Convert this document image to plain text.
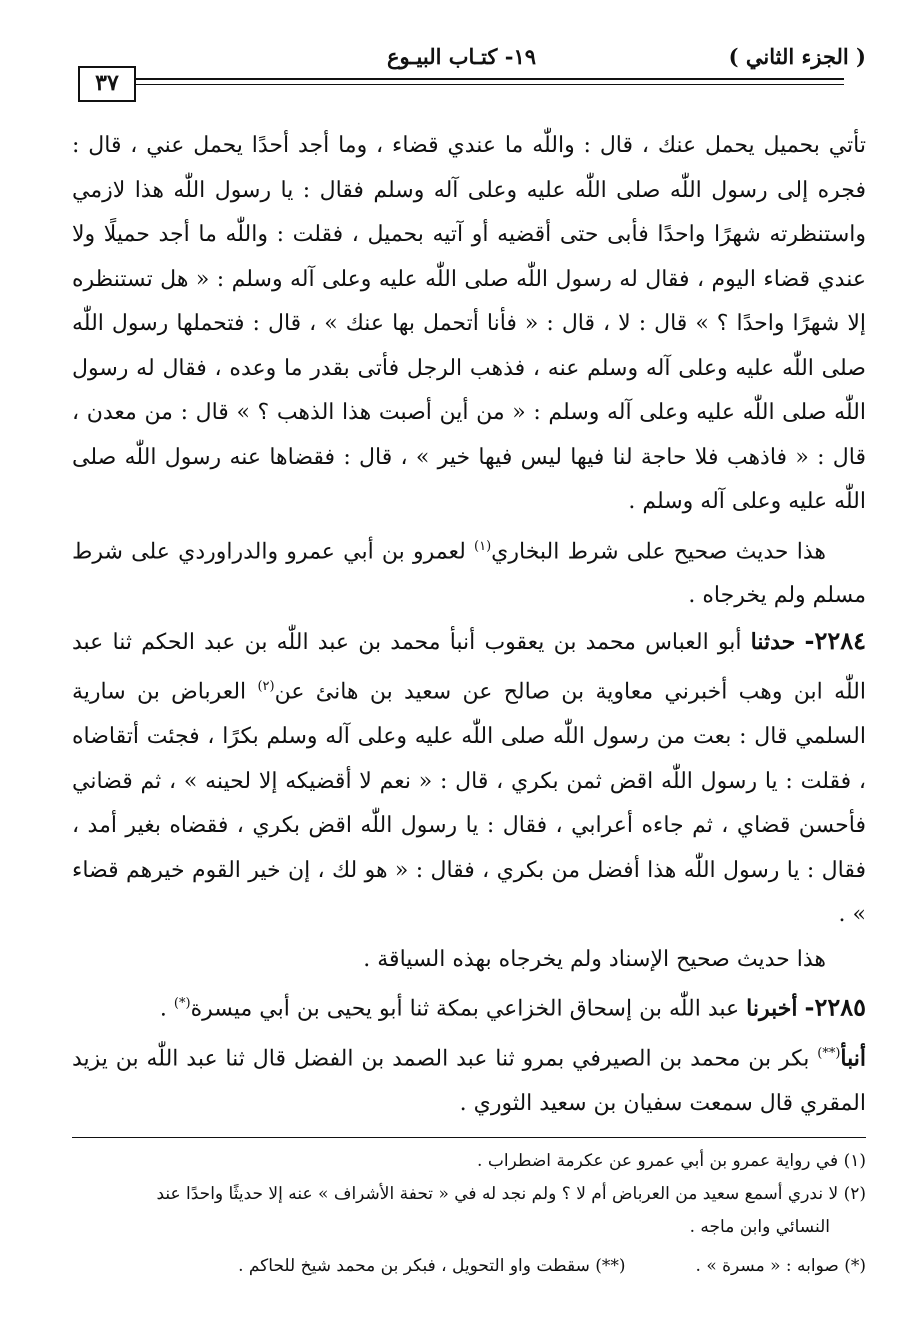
( الجزء الثاني )
١٩- كتـاب البيـوع
٣٧

تأتي بحميل يحمل عنك ، قال : واللّٰه ما عندي قضاء ، وما أجد أحدًا يحمل عني ، قال : فجره إلى رسول اللّٰه صلى اللّٰه عليه وعلى آله وسلم فقال : يا رسول اللّٰه هذا لازمي واستنظرته شهرًا واحدًا فأبى حتى أقضيه أو آتيه بحميل ، فقلت : واللّٰه ما أجد حميلًا ولا عندي قضاء اليوم ، فقال له رسول اللّٰه صلى اللّٰه عليه وعلى آله وسلم : « هل تستنظره إلا شهرًا واحدًا ؟ » قال : لا ، قال : « فأنا أتحمل بها عنك » ، قال : فتحملها رسول اللّٰه صلى اللّٰه عليه وعلى آله وسلم عنه ، فذهب الرجل فأتى بقدر ما وعده ، فقال له رسول اللّٰه صلى اللّٰه عليه وعلى آله وسلم : « من أين أصبت هذا الذهب ؟ » قال : من معدن ، قال : « فاذهب فلا حاجة لنا فيها ليس فيها خير » ، قال : فقضاها عنه رسول اللّٰه صلى اللّٰه عليه وعلى آله وسلم .

هذا حديث صحيح على شرط البخاري$^{(١)}$ لعمرو بن أبي عمرو والدراوردي على شرط مسلم ولم يخرجاه .

٢٢٨٤- حدثنا أبو العباس محمد بن يعقوب أنبأ محمد بن عبد اللّٰه بن عبد الحكم ثنا عبد اللّٰه ابن وهب أخبرني معاوية بن صالح عن سعيد بن هانئ عن$^{(٢)}$ العرباض بن سارية السلمي قال : بعت من رسول اللّٰه صلى اللّٰه عليه وعلى آله وسلم بكرًا ، فجئت أتقاضاه ، فقلت : يا رسول اللّٰه اقض ثمن بكري ، قال : « نعم لا أقضيكه إلا لحينه » ، ثم قضاني فأحسن قضاي ، ثم جاءه أعرابي ، فقال : يا رسول اللّٰه اقض بكري ، فقضاه بغير أمد ، فقال : يا رسول اللّٰه هذا أفضل من بكري ، فقال : « هو لك ، إن خير القوم خيرهم قضاء » .

هذا حديث صحيح الإسناد ولم يخرجاه بهذه السياقة .

٢٢٨٥- أخبرنا عبد اللّٰه بن إسحاق الخزاعي بمكة ثنا أبو يحيى بن أبي ميسرة(*) .

أنبأ(**) بكر بن محمد بن الصيرفي بمرو ثنا عبد الصمد بن الفضل قال ثنا عبد اللّٰه بن يزيد المقري قال سمعت سفيان بن سعيد الثوري .

(١) في رواية عمرو بن أبي عمرو عن عكرمة اضطراب .

(٢) لا ندري أسمع سعيد من العرباض أم لا ؟ ولم نجد له في « تحفة الأشراف » عنه إلا حديثًا واحدًا عند

النسائي وابن ماجه .

(*) صوابه : « مسرة » .(**) سقطت واو التحويل ، فبكر بن محمد شيخ للحاكم .
